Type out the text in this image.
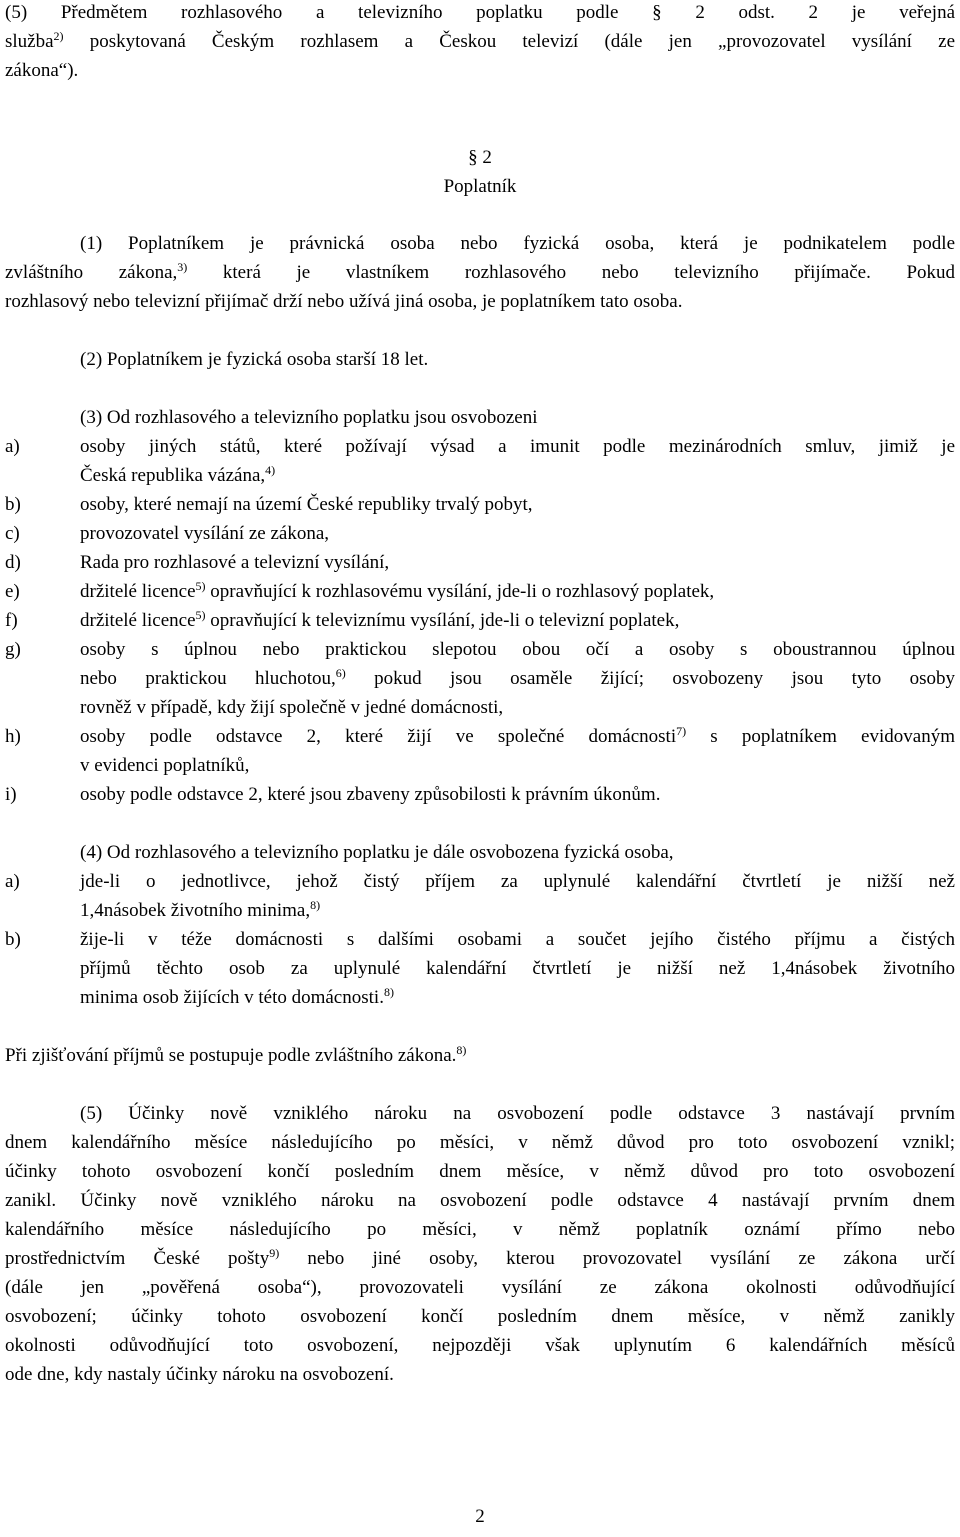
(5) Předmětem rozhlasového a televizního poplatku podle § 2 odst. 2 je veřejná
služba$^{2)}$ poskytovaná Českým rozhlasem a Českou televizí (dále jen „provozovatel vysílání ze
zákona“).
§ 2
Poplatník
(1) Poplatníkem je právnická osoba nebo fyzická osoba, která je podnikatelem podle
zvláštního zákona,$^{3)}$ která je vlastníkem rozhlasového nebo televizního přijímače. Pokud
rozhlasový nebo televizní přijímač drží nebo užívá jiná osoba, je poplatníkem tato osoba.
(2) Poplatníkem je fyzická osoba starší 18 let.
(3) Od rozhlasového a televizního poplatku jsou osvobozeni
a)	osoby jiných států, které požívají výsad a imunit podle mezinárodních smluv, jimiž je
Česká republika vázána,$^{4)}$
b)	osoby, které nemají na území České republiky trvalý pobyt,
c)	provozovatel vysílání ze zákona,
d)	Rada pro rozhlasové a televizní vysílání,
e)	držitelé licence$^{5)}$ opravňující k rozhlasovému vysílání, jde-li o rozhlasový poplatek,
f)	držitelé licence$^{5)}$ opravňující k televiznímu vysílání, jde-li o televizní poplatek,
g)	osoby s úplnou nebo praktickou slepotou obou očí a osoby s oboustrannou úplnou
nebo praktickou hluchotou,$^{6)}$ pokud jsou osaměle žijící; osvobozeny jsou tyto osoby
rovněž v případě, kdy žijí společně v jedné domácnosti,
h)	osoby podle odstavce 2, které žijí ve společné domácnosti$^{7)}$ s poplatníkem evidovaným
v evidenci poplatníků,
i)	osoby podle odstavce 2, které jsou zbaveny způsobilosti k právním úkonům.
(4) Od rozhlasového a televizního poplatku je dále osvobozena fyzická osoba,
a)	jde-li o jednotlivce, jehož čistý příjem za uplynulé kalendářní čtvrtletí je nižší než
1,4násobek životního minima,$^{8)}$
b)	žije-li v téže domácnosti s dalšími osobami a součet jejího čistého příjmu a čistých
příjmů těchto osob za uplynulé kalendářní čtvrtletí je nižší než 1,4násobek životního
minima osob žijících v této domácnosti.$^{8)}$
Při zjišťování příjmů se postupuje podle zvláštního zákona.$^{8)}$
(5) Účinky nově vzniklého nároku na osvobození podle odstavce 3 nastávají prvním
dnem kalendářního měsíce následujícího po měsíci, v němž důvod pro toto osvobození vznikl;
účinky tohoto osvobození končí posledním dnem měsíce, v němž důvod pro toto osvobození
zanikl. Účinky nově vzniklého nároku na osvobození podle odstavce 4 nastávají prvním dnem
kalendářního měsíce následujícího po měsíci, v němž poplatník oznámí přímo nebo
prostřednictvím České pošty$^{9)}$ nebo jiné osoby, kterou provozovatel vysílání ze zákona určí
(dále jen „pověřená osoba“), provozovateli vysílání ze zákona okolnosti odůvodňující
osvobození; účinky tohoto osvobození končí posledním dnem měsíce, v němž zanikly
okolnosti odůvodňující toto osvobození, nejpozději však uplynutím 6 kalendářních měsíců
ode dne, kdy nastaly účinky nároku na osvobození.
2
